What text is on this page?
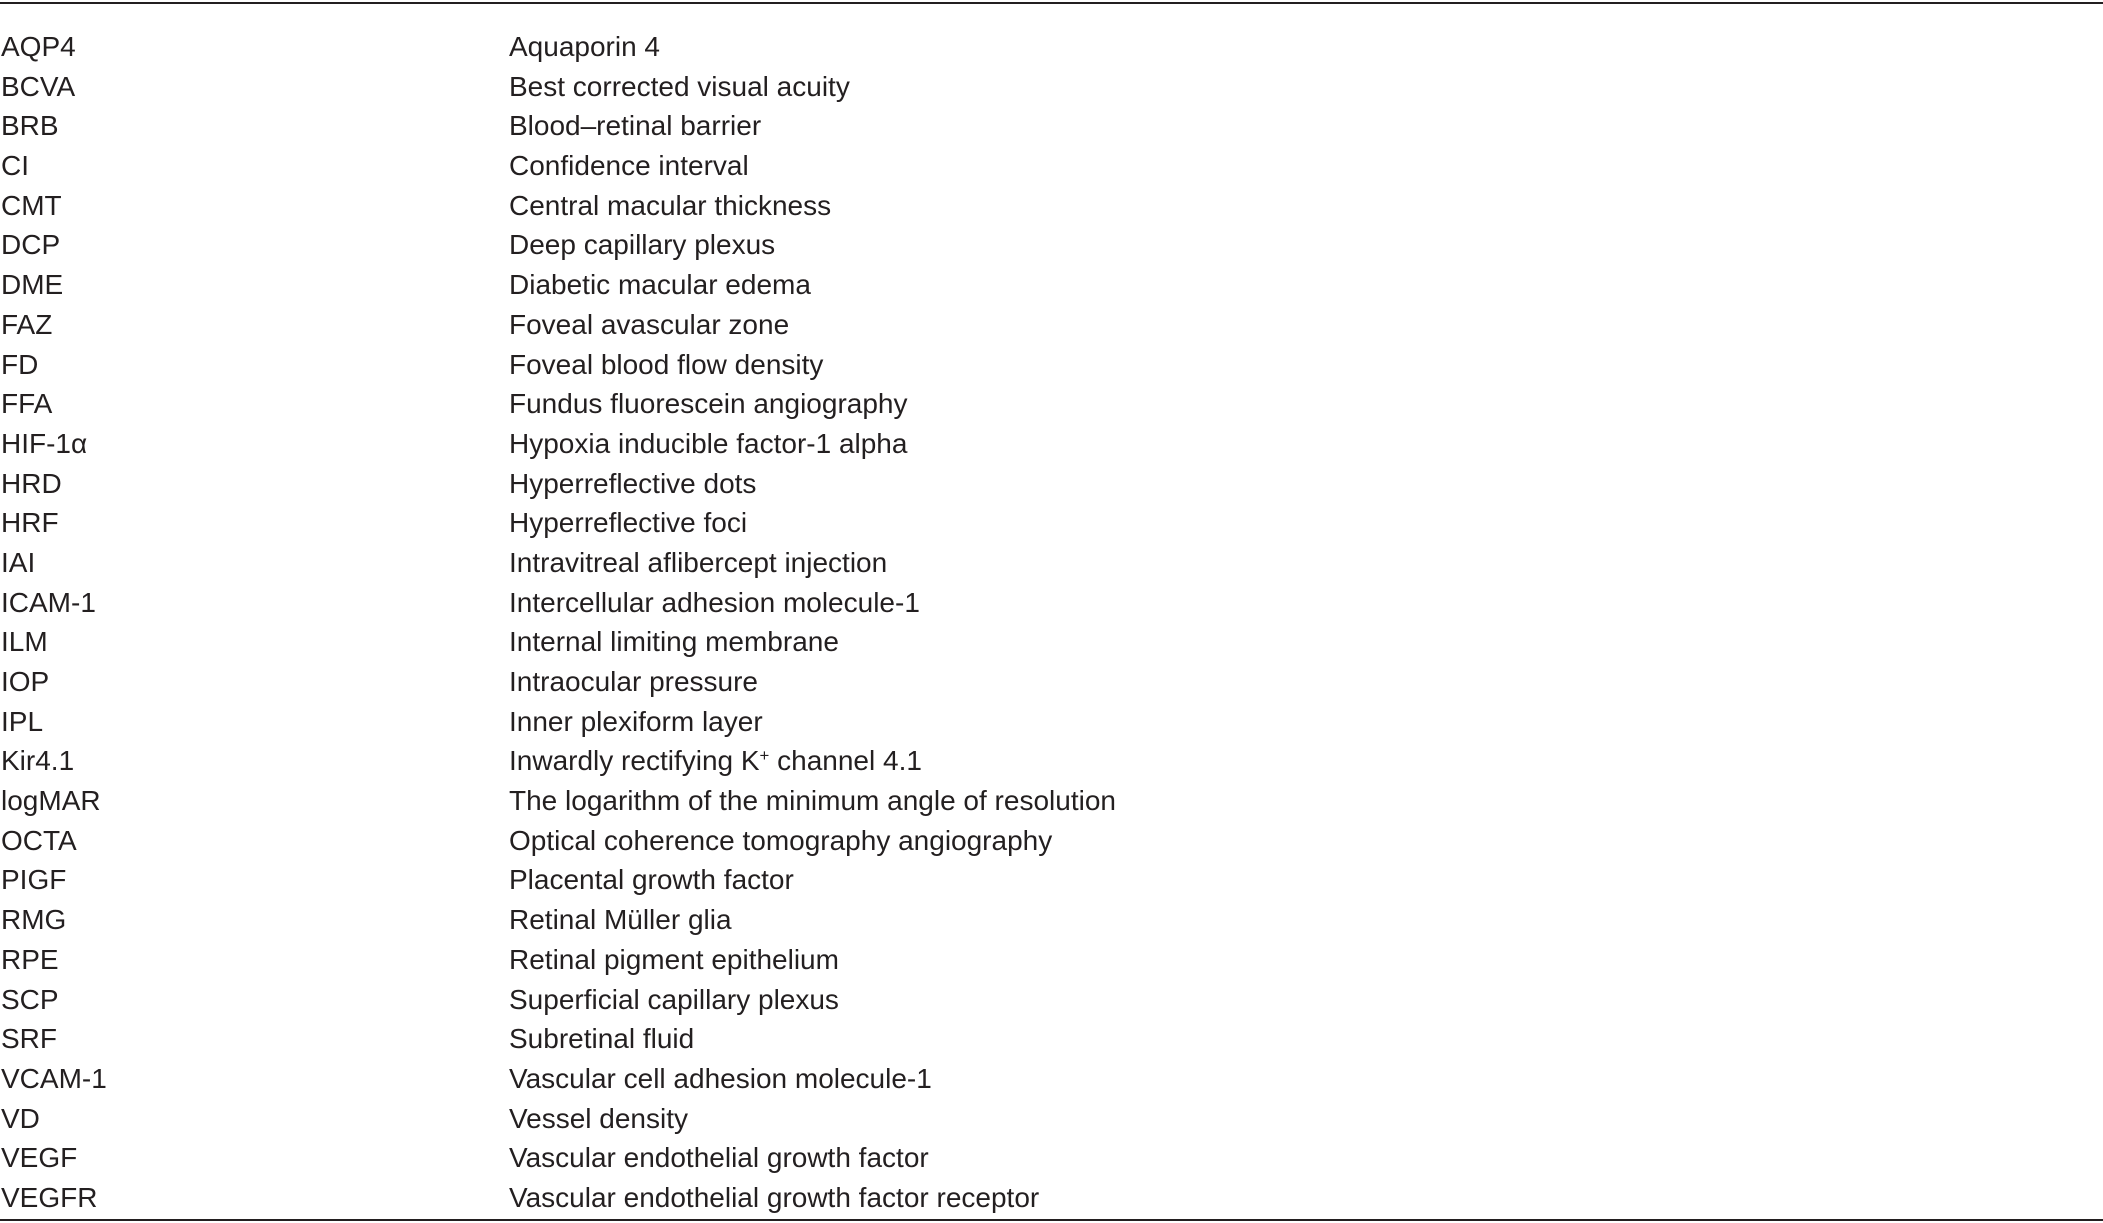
AQP4	Aquaporin 4
BCVA	Best corrected visual acuity
BRB	Blood–retinal barrier
CI	Confidence interval
CMT	Central macular thickness
DCP	Deep capillary plexus
DME	Diabetic macular edema
FAZ	Foveal avascular zone
FD	Foveal blood flow density
FFA	Fundus fluorescein angiography
HIF-1α	Hypoxia inducible factor-1 alpha
HRD	Hyperreflective dots
HRF	Hyperreflective foci
IAI	Intravitreal aflibercept injection
ICAM-1	Intercellular adhesion molecule-1
ILM	Internal limiting membrane
IOP	Intraocular pressure
IPL	Inner plexiform layer
Kir4.1	Inwardly rectifying K+ channel 4.1
logMAR	The logarithm of the minimum angle of resolution
OCTA	Optical coherence tomography angiography
PIGF	Placental growth factor
RMG	Retinal Müller glia
RPE	Retinal pigment epithelium
SCP	Superficial capillary plexus
SRF	Subretinal fluid
VCAM-1	Vascular cell adhesion molecule-1
VD	Vessel density
VEGF	Vascular endothelial growth factor
VEGFR	Vascular endothelial growth factor receptor
